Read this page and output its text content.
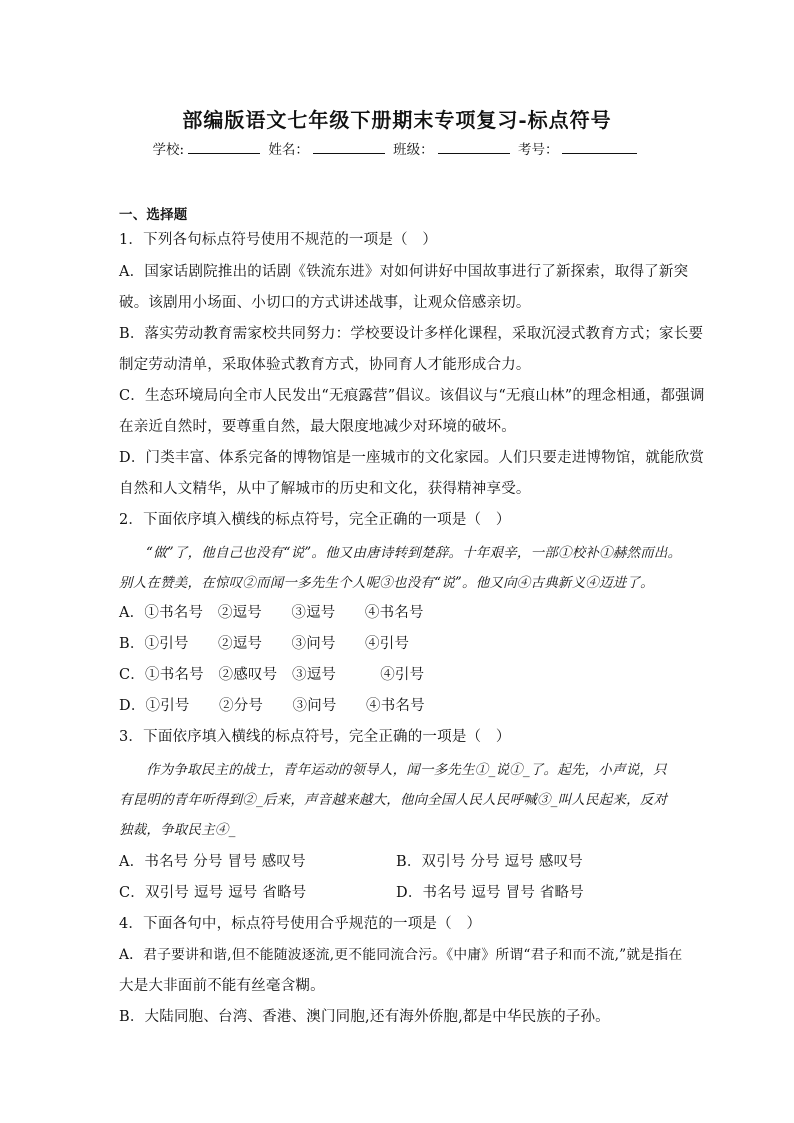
部编版语文七年级下册期末专项复习-标点符号
学校:	姓名：	班级：	考号：
一、选择题
1．下列各句标点符号使用不规范的一项是（　）
A．国家话剧院推出的话剧《铁流东进》对如何讲好中国故事进行了新探索，取得了新突
破。该剧用小场面、小切口的方式讲述战事，让观众倍感亲切。
B．落实劳动教育需家校共同努力：学校要设计多样化课程，采取沉浸式教育方式；家长要
制定劳动清单，采取体验式教育方式，协同育人才能形成合力。
C．生态环境局向全市人民发出“无痕露营”倡议。该倡议与“无痕山林”的理念相通，都强调
在亲近自然时，要尊重自然，最大限度地减少对环境的破坏。
D．门类丰富、体系完备的博物馆是一座城市的文化家园。人们只要走进博物馆，就能欣赏
自然和人文精华，从中了解城市的历史和文化，获得精神享受。
2．下面依序填入横线的标点符号，完全正确的一项是（　）
“做”了，他自己也没有“说”。他又由唐诗转到楚辞。十年艰辛，一部①校补①赫然而出。
别人在赞美，在惊叹②而闻一多先生个人呢③也没有“说”。他又向④古典新义④迈进了。
A．①书名号　②逗号　　③逗号　　④书名号
B．①引号　　②逗号　　③问号　　④引号
C．①书名号　②感叹号　③逗号　　　④引号
D．①引号　　②分号　　③问号　　④书名号
3．下面依序填入横线的标点符号，完全正确的一项是（　）
作为争取民主的战士，青年运动的领导人，闻一多先生①_说①_了。起先，小声说，只
有昆明的青年听得到②_后来，声音越来越大，他向全国人民人民呼喊③_叫人民起来，反对
独裁，争取民主④_
A．书名号 分号 冒号 感叹号	B．双引号 分号 逗号 感叹号
C．双引号 逗号 逗号 省略号	D．书名号 逗号 冒号 省略号
4．下面各句中，标点符号使用合乎规范的一项是（　）
A．君子要讲和谐,但不能随波逐流,更不能同流合污。《中庸》所谓“君子和而不流,”就是指在
大是大非面前不能有丝毫含糊。
B．大陆同胞、台湾、香港、澳门同胞,还有海外侨胞,都是中华民族的子孙。
